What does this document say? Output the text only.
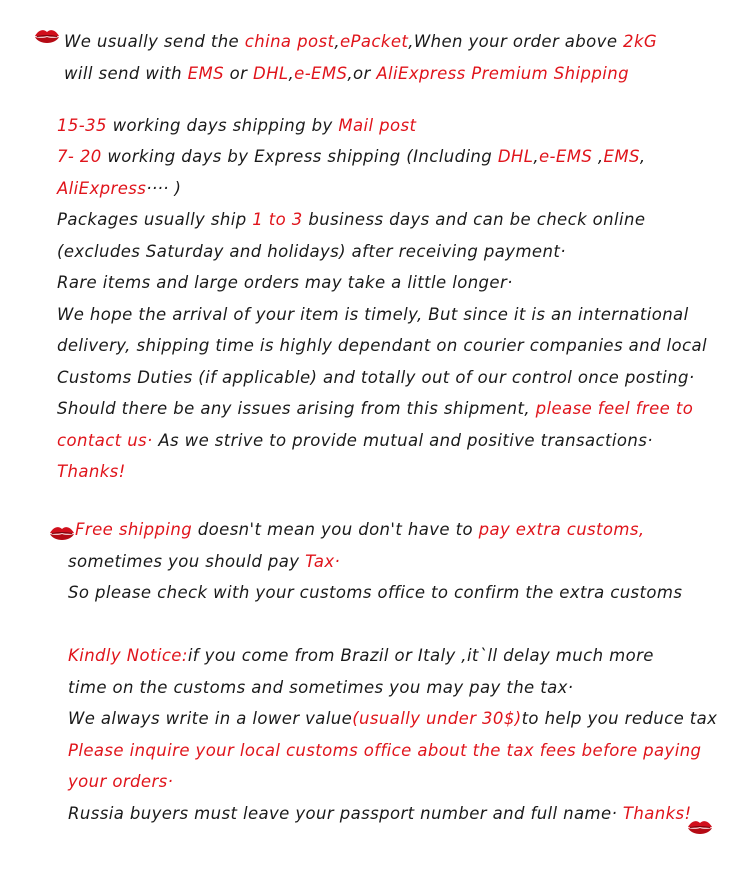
We usually send the china post,ePacket,When your order above 2kG
will send with EMS or DHL,e-EMS,or AliExpress Premium Shipping
15-35 working days shipping by Mail post
7- 20 working days by Express shipping (Including DHL,e-EMS ,EMS,
AliExpress···· )
Packages usually ship 1 to 3 business days and can be check online
(excludes Saturday and holidays) after receiving payment·
Rare items and large orders may take a little longer·
We hope the arrival of your item is timely, But since it is an international
delivery, shipping time is highly dependant on courier companies and local
Customs Duties (if applicable) and totally out of our control once posting·
Should there be any issues arising from this shipment, please feel free to
contact us· As we strive to provide mutual and positive transactions·
Thanks!
Free shipping doesn't mean you don't have to pay extra customs,
sometimes you should pay Tax·
So please check with your customs office to confirm the extra customs
Kindly Notice:if you come from Brazil or Italy ,it`ll delay much more
time on the customs and sometimes you may pay the tax·
We always write in a lower value(usually under 30$)to help you reduce tax
Please inquire your local customs office about the tax fees before paying
your orders·
Russia buyers must leave your passport number and full name· Thanks!
